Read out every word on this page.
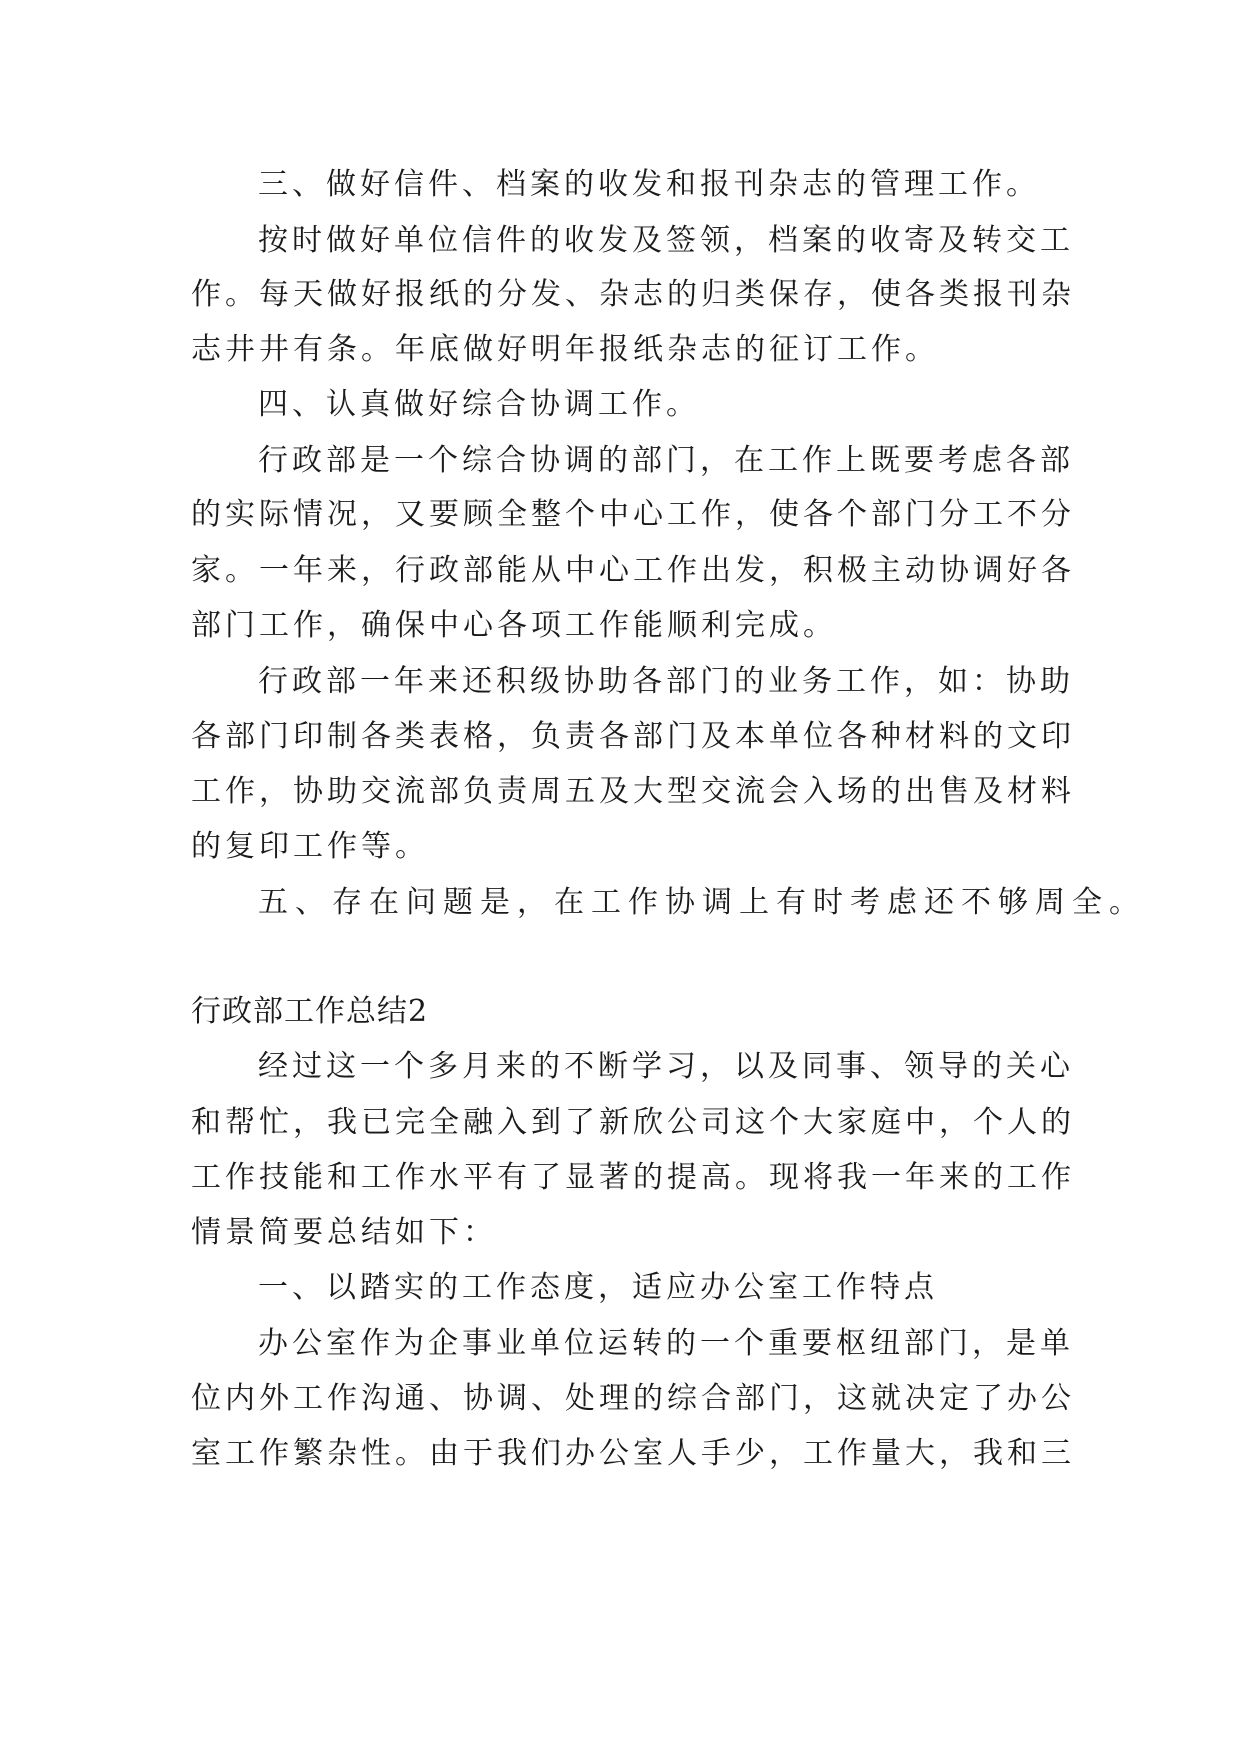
三、做好信件、档案的收发和报刊杂志的管理工作。
按时做好单位信件的收发及签领，档案的收寄及转交工
作。每天做好报纸的分发、杂志的归类保存，使各类报刊杂
志井井有条。年底做好明年报纸杂志的征订工作。
四、认真做好综合协调工作。
行政部是一个综合协调的部门，在工作上既要考虑各部
的实际情况，又要顾全整个中心工作，使各个部门分工不分
家。一年来，行政部能从中心工作出发，积极主动协调好各
部门工作，确保中心各项工作能顺利完成。
行政部一年来还积级协助各部门的业务工作，如：协助
各部门印制各类表格，负责各部门及本单位各种材料的文印
工作，协助交流部负责周五及大型交流会入场的出售及材料
的复印工作等。
五、存在问题是，在工作协调上有时考虑还不够周全。
行政部工作总结2
经过这一个多月来的不断学习，以及同事、领导的关心
和帮忙，我已完全融入到了新欣公司这个大家庭中，个人的
工作技能和工作水平有了显著的提高。现将我一年来的工作
情景简要总结如下：
一、以踏实的工作态度，适应办公室工作特点
办公室作为企事业单位运转的一个重要枢纽部门，是单
位内外工作沟通、协调、处理的综合部门，这就决定了办公
室工作繁杂性。由于我们办公室人手少，工作量大，我和三
